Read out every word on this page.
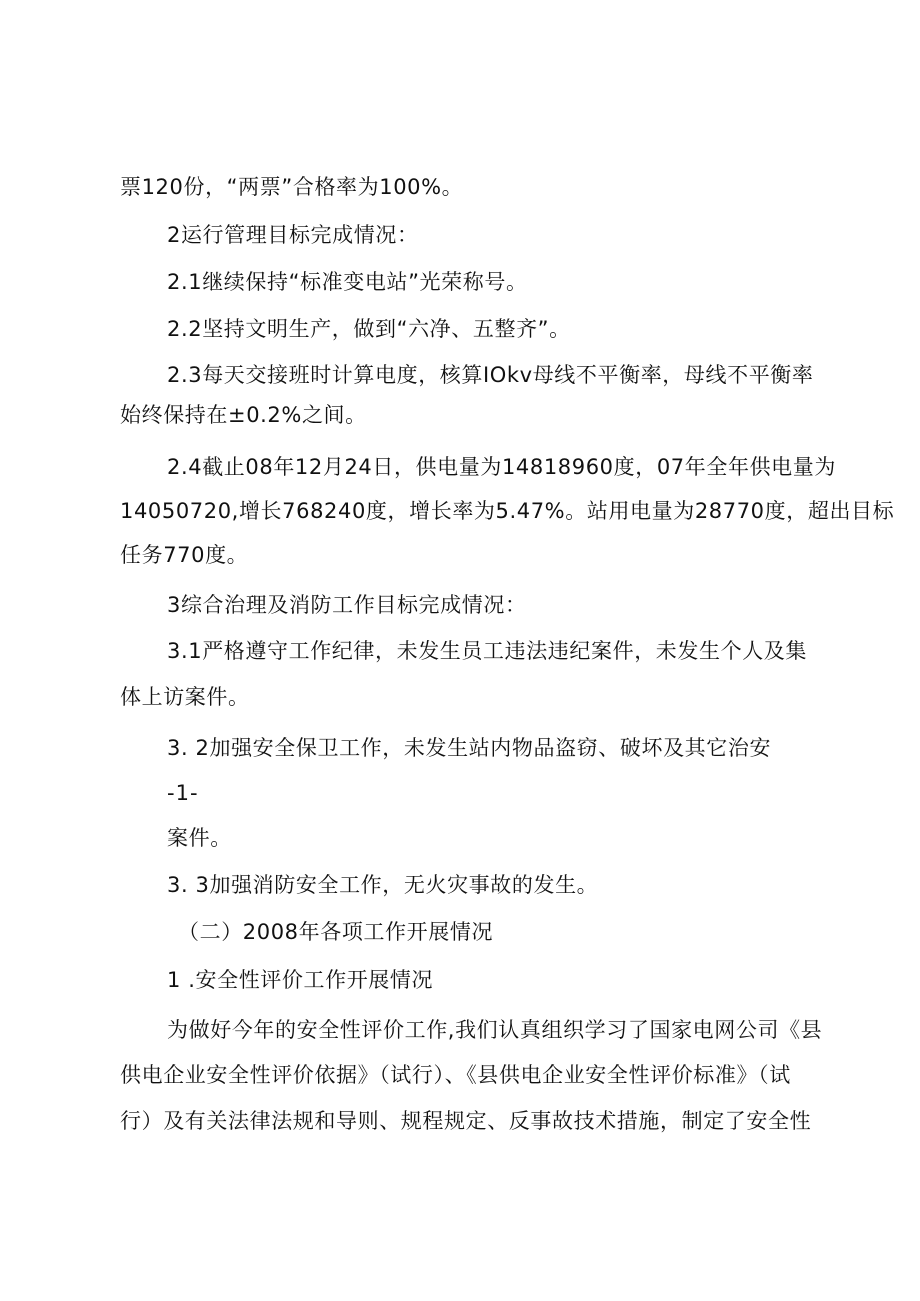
票120份，“两票”合格率为100%。
2运行管理目标完成情况：
2.1继续保持“标准变电站”光荣称号。
2.2坚持文明生产，做到“六净、五整齐”。
2.3每天交接班时计算电度，核算IOkv母线不平衡率，母线不平衡率
始终保持在±0.2%之间。
2.4截止08年12月24日，供电量为14818960度，07年全年供电量为
14050720,增长768240度，增长率为5.47%。站用电量为28770度，超出目标
任务770度。
3综合治理及消防工作目标完成情况：
3.1严格遵守工作纪律，未发生员工违法违纪案件，未发生个人及集
体上访案件。
3. 2加强安全保卫工作，未发生站内物品盗窃、破坏及其它治安
-1-
案件。
3. 3加强消防安全工作，无火灾事故的发生。
（二）2008年各项工作开展情况
1 .安全性评价工作开展情况
为做好今年的安全性评价工作,我们认真组织学习了国家电网公司《县
供电企业安全性评价依据》（试行）、《县供电企业安全性评价标准》（试
行）及有关法律法规和导则、规程规定、反事故技术措施，制定了安全性
